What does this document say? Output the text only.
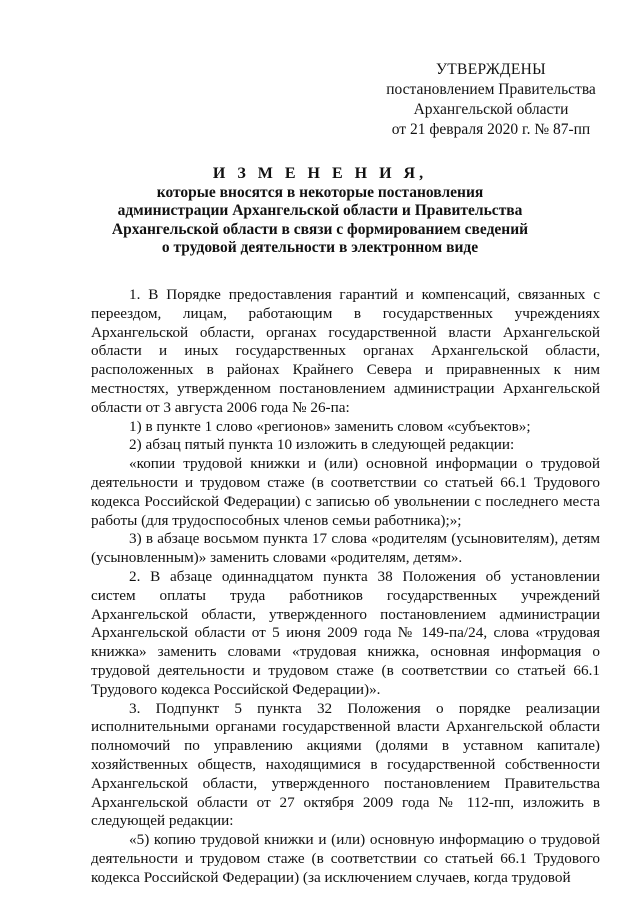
УТВЕРЖДЕНЫ
постановлением Правительства
Архангельской области
от 21 февраля 2020 г. № 87-пп
И З М Е Н Е Н И Я,
которые вносятся в некоторые постановления
администрации Архангельской области и Правительства
Архангельской области в связи с формированием сведений
о трудовой деятельности в электронном виде

1. В Порядке предоставления гарантий и компенсаций, связанных с переездом, лицам, работающим в государственных учреждениях Архангельской области, органах государственной власти Архангельской области и иных государственных органах Архангельской области, расположенных в районах Крайнего Севера и приравненных к ним местностях, утвержденном постановлением администрации Архангельской области от 3 августа 2006 года № 26-па:

1) в пункте 1 слово «регионов» заменить словом «субъектов»;

2) абзац пятый пункта 10 изложить в следующей редакции:

«копии трудовой книжки и (или) основной информации о трудовой деятельности и трудовом стаже (в соответствии со статьей 66.1 Трудового кодекса Российской Федерации) с записью об увольнении с последнего места работы (для трудоспособных членов семьи работника);»;

3) в абзаце восьмом пункта 17 слова «родителям (усыновителям), детям (усыновленным)» заменить словами «родителям, детям».

2. В абзаце одиннадцатом пункта 38 Положения об установлении систем оплаты труда работников государственных учреждений Архангельской области, утвержденного постановлением администрации Архангельской области от 5 июня 2009 года № 149-па/24, слова «трудовая книжка» заменить словами «трудовая книжка, основная информация о трудовой деятельности и трудовом стаже (в соответствии со статьей 66.1 Трудового кодекса Российской Федерации)».

3. Подпункт 5 пункта 32 Положения о порядке реализации исполнительными органами государственной власти Архангельской области полномочий по управлению акциями (долями в уставном капитале) хозяйственных обществ, находящимися в государственной собственности Архангельской области, утвержденного постановлением Правительства Архангельской области от 27 октября 2009 года № 112-пп, изложить в следующей редакции:

«5) копию трудовой книжки и (или) основную информацию о трудовой деятельности и трудовом стаже (в соответствии со статьей 66.1 Трудового кодекса Российской Федерации) (за исключением случаев, когда трудовой
